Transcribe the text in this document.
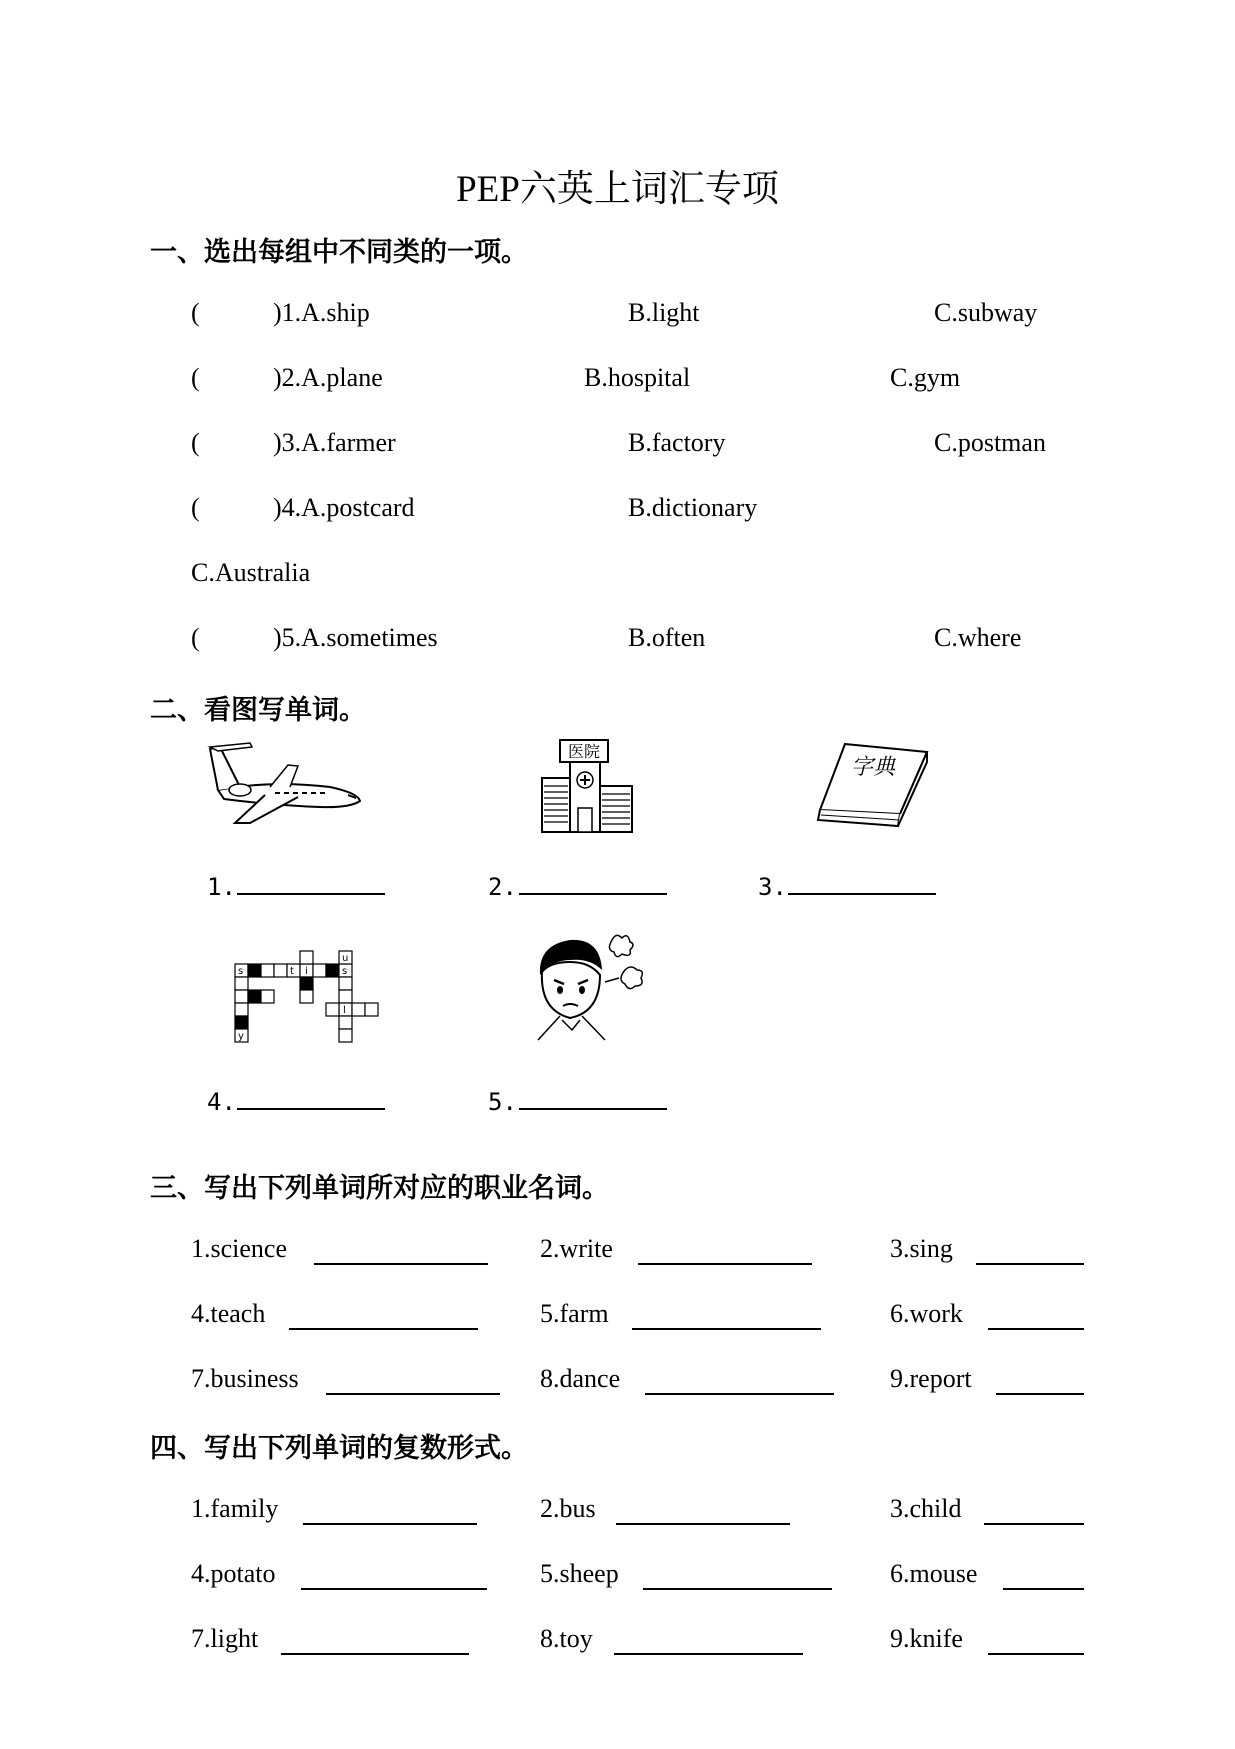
PEP六英上词汇专项
一、选出每组中不同类的一项。
(	)1.A.ship	B.light	C.subway
(	)2.A.plane	B.hospital	C.gym
(	)3.A.farmer	B.factory	C.postman
(	)4.A.postcard	B.dictionary
C.Australia
(	)5.A.sometimes	B.often	C.where
二、看图写单词。
医院
字典
1.	2.	3.
s	t i
u
s
l
y
4.	5.
三、写出下列单词所对应的职业名词。
1.science	2.write	3.sing
4.teach	5.farm	6.work
7.business	8.dance	9.report
四、写出下列单词的复数形式。
1.family	2.bus	3.child
4.potato	5.sheep	6.mouse
7.light	8.toy	9.knife
